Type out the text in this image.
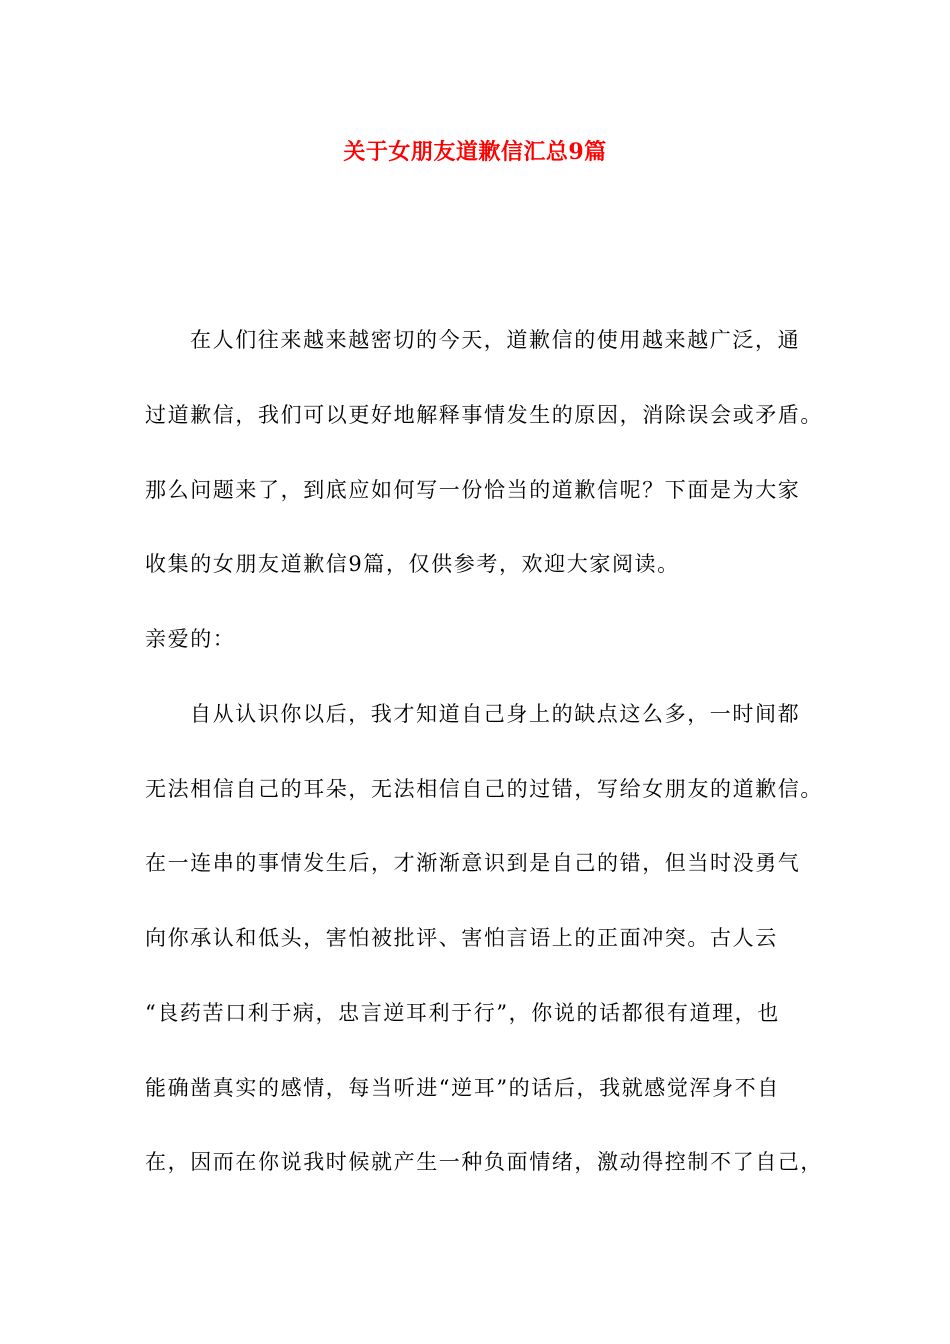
关于女朋友道歉信汇总9篇
在人们往来越来越密切的今天，道歉信的使用越来越广泛，通
过道歉信，我们可以更好地解释事情发生的原因，消除误会或矛盾。
那么问题来了，到底应如何写一份恰当的道歉信呢？下面是为大家
收集的女朋友道歉信9篇，仅供参考，欢迎大家阅读。
亲爱的：
自从认识你以后，我才知道自己身上的缺点这么多，一时间都
无法相信自己的耳朵，无法相信自己的过错，写给女朋友的道歉信。
在一连串的事情发生后，才渐渐意识到是自己的错，但当时没勇气
向你承认和低头，害怕被批评、害怕言语上的正面冲突。古人云
“良药苦口利于病，忠言逆耳利于行”，你说的话都很有道理，也
能确凿真实的感情，每当听进“逆耳”的话后，我就感觉浑身不自
在，因而在你说我时候就产生一种负面情绪，激动得控制不了自己，
